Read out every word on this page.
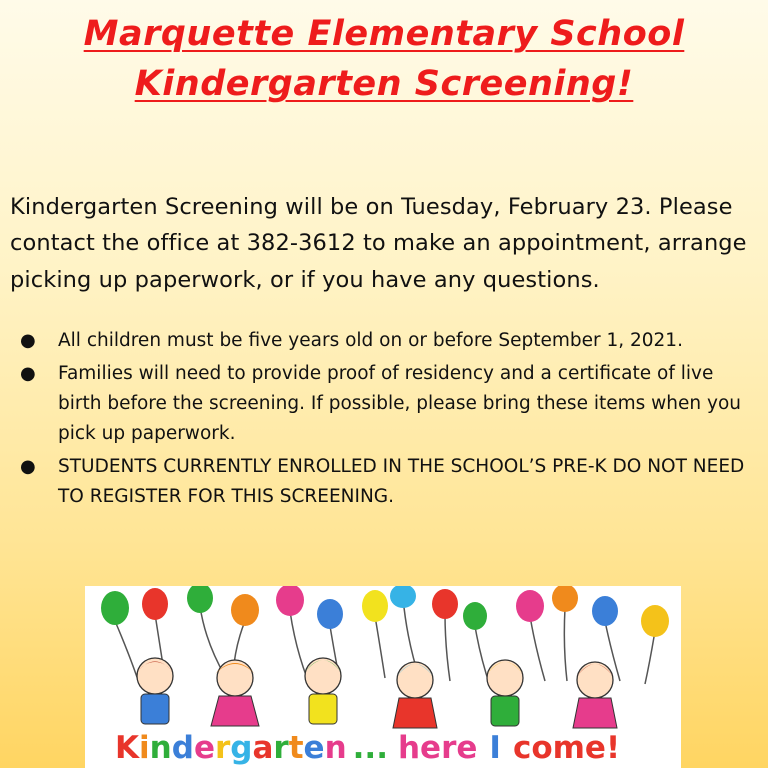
Marquette Elementary School
Kindergarten Screening!

Kindergarten Screening will be on Tuesday, February 23. Please contact the office at 382-3612 to make an appointment, arrange picking up paperwork, or if you have any questions.

● All children must be five years old on or before September 1, 2021.
● Families will need to provide proof of residency and a certificate of live birth before the screening. If possible, please bring these items when you pick up paperwork.
● STUDENTS CURRENTLY ENROLLED IN THE SCHOOL’S PRE-K DO NOT NEED TO REGISTER FOR THIS SCREENING.
Kindergarten ... here I come!
